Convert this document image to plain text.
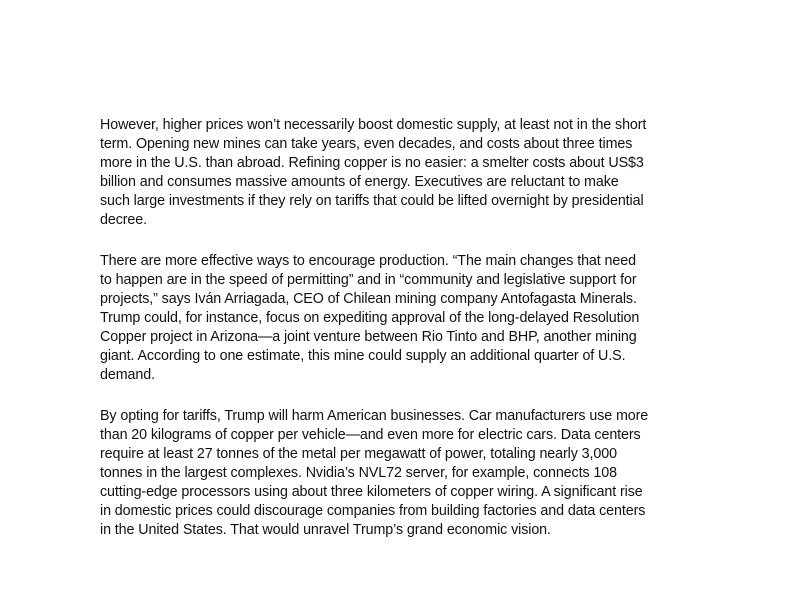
However, higher prices won’t necessarily boost domestic supply, at least not in the short
term. Opening new mines can take years, even decades, and costs about three times
more in the U.S. than abroad. Refining copper is no easier: a smelter costs about US$3
billion and consumes massive amounts of energy. Executives are reluctant to make
such large investments if they rely on tariffs that could be lifted overnight by presidential
decree.

There are more effective ways to encourage production. “The main changes that need
to happen are in the speed of permitting” and in “community and legislative support for
projects,” says Iván Arriagada, CEO of Chilean mining company Antofagasta Minerals.
Trump could, for instance, focus on expediting approval of the long-delayed Resolution
Copper project in Arizona—a joint venture between Rio Tinto and BHP, another mining
giant. According to one estimate, this mine could supply an additional quarter of U.S.
demand.

By opting for tariffs, Trump will harm American businesses. Car manufacturers use more
than 20 kilograms of copper per vehicle—and even more for electric cars. Data centers
require at least 27 tonnes of the metal per megawatt of power, totaling nearly 3,000
tonnes in the largest complexes. Nvidia’s NVL72 server, for example, connects 108
cutting-edge processors using about three kilometers of copper wiring. A significant rise
in domestic prices could discourage companies from building factories and data centers
in the United States. That would unravel Trump’s grand economic vision.
